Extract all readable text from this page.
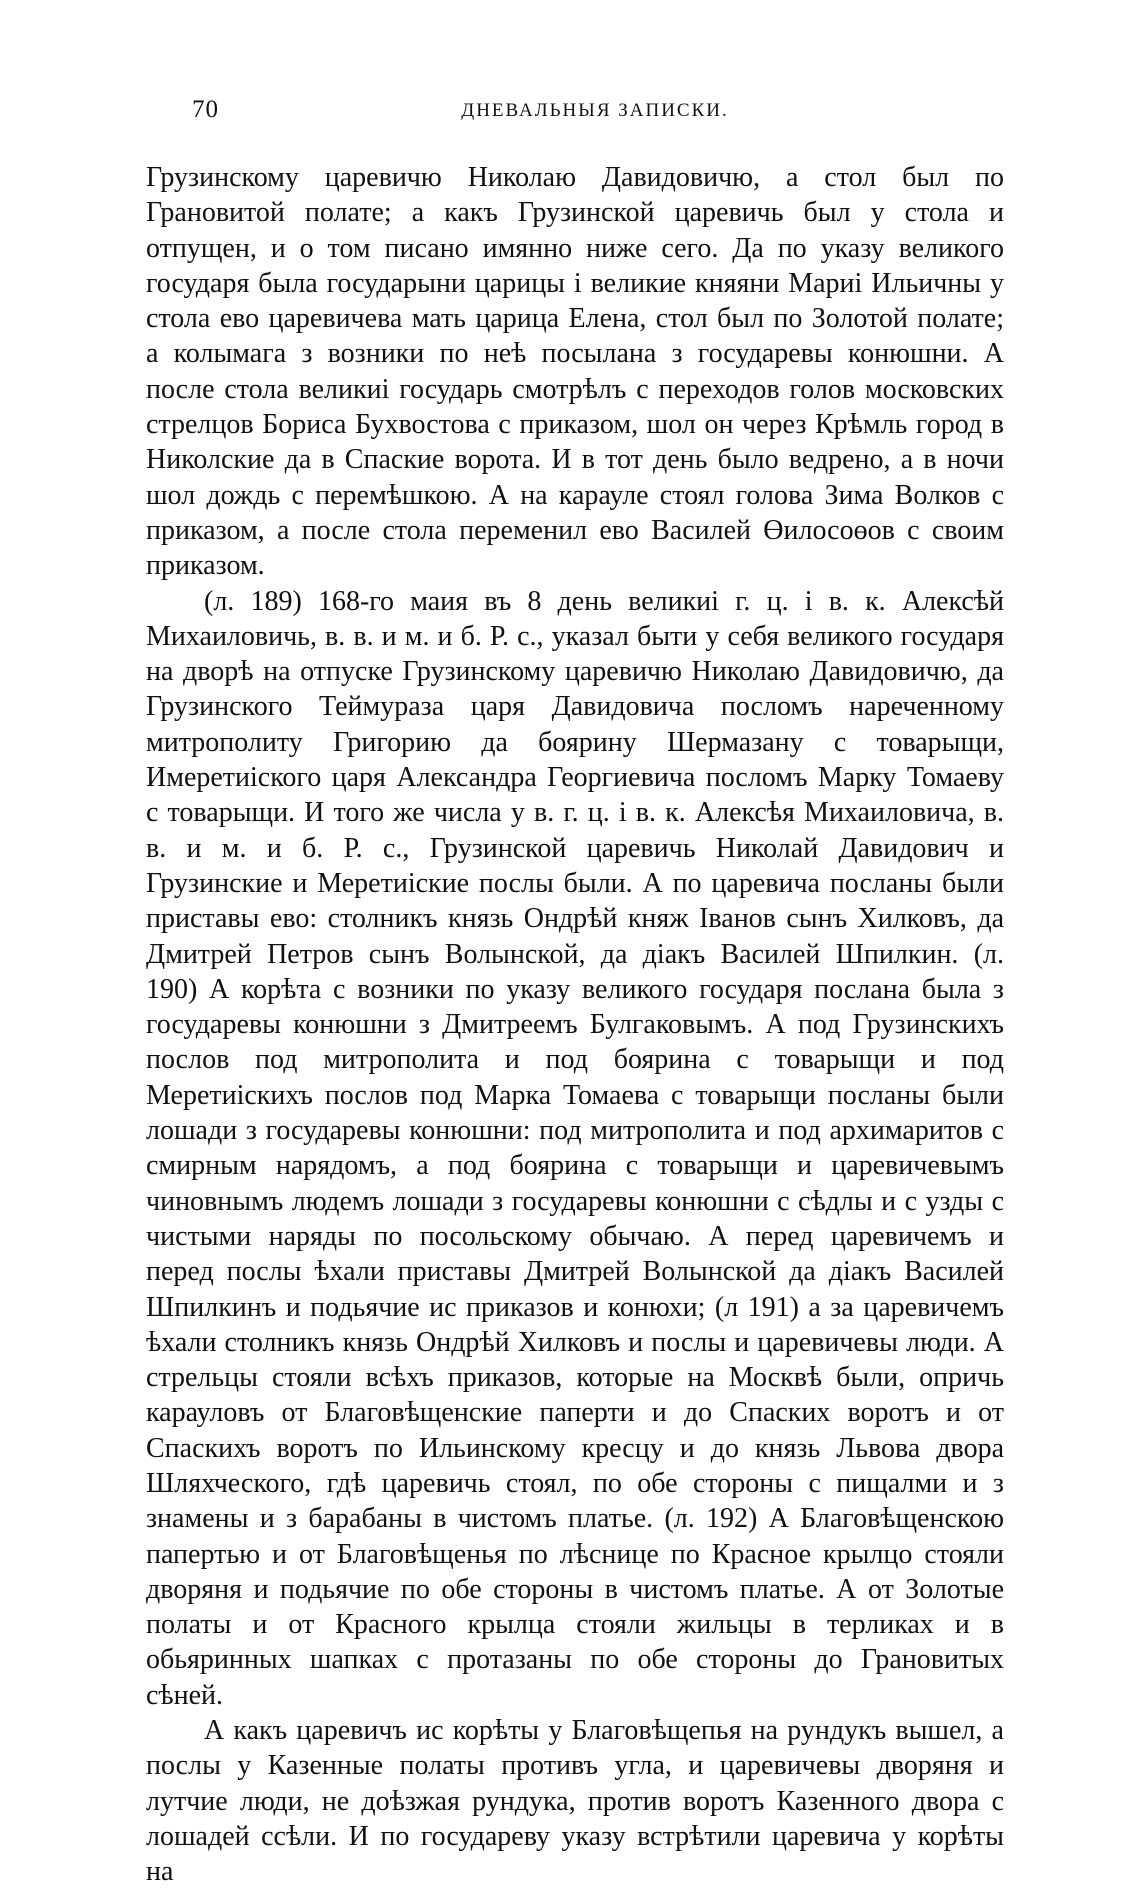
70	ДНЕВАЛЬНЫЯ ЗАПИСКИ.

Грузинскому царевичю Николаю Давидовичю, а стол был по Грановитой полате; а какъ Грузинской царевичь был у стола и отпущен, и о том писано имянно ниже сего. Да по указу великого государя была государыни царицы і великие княяни Мариі Ильичны у стола ево царевичева мать царица Елена, стол был по Золотой полате; а колымага з возники по неѣ посылана з государевы конюшни. А после стола великиі государь смотрѣлъ с переходов голов московских стрелцов Бориса Бухвостова с приказом, шол он через Крѣмль город в Николские да в Спаские ворота. И в тот день было ведрено, а в ночи шол дождь с перемѣшкою. А на карауле стоял голова Зима Волков с приказом, а после стола переменил ево Василей Өилосоөов с своим приказом.

(л. 189) 168-го маия въ 8 день великиі г. ц. і в. к. Алексѣй Михаиловичь, в. в. и м. и б. Р. с., указал быти у себя великого государя на дворѣ на отпуске Грузинскому царевичю Николаю Давидовичю, да Грузинского Теймураза царя Давидовича посломъ нареченному митрополиту Григорию да боярину Шермазану с товарыщи, Имеретиіского царя Александра Георгиевича посломъ Марку Томаеву с товарыщи. И того же числа у в. г. ц. і в. к. Алексѣя Михаиловича, в. в. и м. и б. Р. с., Грузинской царевичь Николай Давидович и Грузинские и Меретиіские послы были. А по царевича посланы были приставы ево: столникъ князь Ондрѣй княж Іванов сынъ Хилковъ, да Дмитрей Петров сынъ Волынской, да діакъ Василей Шпилкин. (л. 190) А корѣта с возники по указу великого государя послана была з государевы конюшни з Дмитреемъ Булгаковымъ. А под Грузинскихъ послов под митрополита и под боярина с товарыщи и под Меретиіскихъ послов под Марка Томаева с товарыщи посланы были лошади з государевы конюшни: под митрополита и под архимаритов с смирным нарядомъ, а под боярина с товарыщи и царевичевымъ чиновнымъ людемъ лошади з государевы конюшни с сѣдлы и с узды с чистыми наряды по посольскому обычаю. А перед царевичемъ и перед послы ѣхали приставы Дмитрей Волынской да діакъ Василей Шпилкинъ и подьячие ис приказов и конюхи; (л 191) а за царевичемъ ѣхали столникъ князь Ондрѣй Хилковъ и послы и царевичевы люди. А стрельцы стояли всѣхъ приказов, которые на Москвѣ были, опричь карауловъ от Благовѣщенские паперти и до Спаских воротъ и от Спаскихъ воротъ по Ильинскому кресцу и до князь Львова двора Шляхческого, гдѣ царевичь стоял, по обе стороны с пищалми и з знамены и з барабаны в чистомъ платье. (л. 192) А Благовѣщенскою папертью и от Благовѣщенья по лѣснице по Красное крылцо стояли дворяня и подьячие по обе стороны в чистомъ платье. А от Золотые полаты и от Красного крылца стояли жильцы в терликах и в обьяринных шапках с протазаны по обе стороны до Грановитых сѣней.

А какъ царевичъ ис корѣты у Благовѣщепья на рундукъ вышел, а послы у Казенные полаты противъ угла, и царевичевы дворяня и лутчие люди, не доѣзжая рундука, против воротъ Казенного двора с лошадей ссѣли. И по государеву указу встрѣтили царевича у корѣты на
